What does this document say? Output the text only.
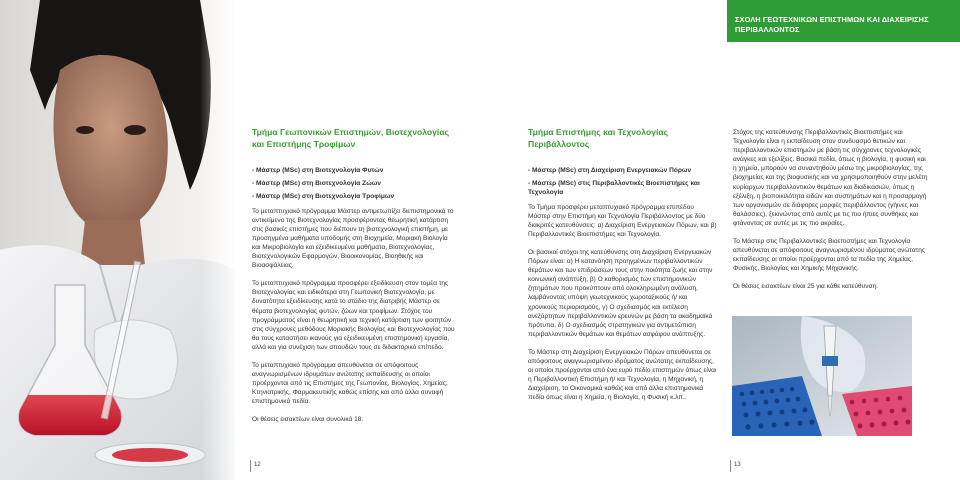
ΣΧΟΛΗ ΓΕΩΤΕΧΝΙΚΩΝ ΕΠΙΣΤΗΜΩΝ ΚΑΙ ΔΙΑΧΕΙΡΙΣΗΣ ΠΕΡΙΒΑΛΛΟΝΤΟΣ
Τμήμα Γεωπονικών Επιστημών, Βιοτεχνολογίας και Επιστήμης Τροφίμων
- Μάστερ (MSc) στη Βιοτεχνολογία Φυτών
- Μάστερ (MSc) στη Βιοτεχνολογία Ζώων
- Μάστερ (MSc) στη Βιοτεχνολογία Τροφίμων

Το μεταπτυχιακό πρόγραμμα Μάστερ αντιμετωπίζει διεπιστημονικά το αντικείμενο της Βιοτεχνολογίας προσφέροντας θεωρητική κατάρτιση στις βασικές επιστήμες που διέπουν τη βιοτεχνολογική επιστήμη, με προσηγμένα μαθήματα υποδομής στη Βιοχημεία, Μοριακή Βιολογία και Μικροβιολογία και εξειδικευμένα μαθήματα, Βιοτεχνολογίας, Βιοτεχνολογικών Εφαρμογών, Βιοοικονομίας, Βιοηθικής και Βιοασφάλειας.

Το μεταπτυχιακό πρόγραμμα προσφέρει εξειδίκευση στον τομέα της Βιοτεχνολογίας και ειδικότερα στη Γεωπονική Βιοτεχνολογία, με δυνατότητα εξειδίκευσης κατά το στάδιο της διατριβής Μάστερ σε θέματα βιοτεχνολογίας φυτών, ζώων και τροφίμων. Στόχος του προγράμματος είναι η θεωρητική και τεχνική κατάρτιση των φοιτητών στις σύγχρονες μεθόδους Μοριακής Βιολογίας και Βιοτεχνολογίας που θα τους καταστήσει ικανούς για εξειδικευμένη επιστημονική εργασία, αλλά και για συνέχιση των σπουδών τους σε διδακτορικό επίπεδο.

Το μεταπτυχιακό πρόγραμμα απευθύνεται σε απόφοιτους αναγνωρισμένων ιδρυμάτων ανώτατης εκπαίδευσης οι οποίοι προέρχονται από τις Επιστήμες της Γεωπονίας, Βιολογίας, Χημείας, Κτηνιατρικής, Φαρμακευτικής καθώς επίσης και από άλλα συναφή επιστημονικά πεδία.

Οι θέσεις εισακτέων είναι συνολικά 18.

Τμήμα Επιστήμης και Τεχνολογίας Περιβάλλοντος
- Μάστερ (MSc) στη Διαχείριση Ενεργειακών Πόρων
- Μάστερ (MSc) στις Περιβαλλοντικές Βιοεπιστήμες και Τεχνολογία

Το Τμήμα προσφέρει μεταπτυχιακό πρόγραμμα επιπέδου Μάστερ στην Επιστήμη και Τεχνολογία Περιβάλλοντος με δύο διακριτές κατευθύνσεις: α) Διαχείριση Ενεργειακών Πόρων, και β) Περιβαλλοντικές Βιοεπιστήμες και Τεχνολογία.

Οι βασικοί στόχοι της κατεύθυνσης στη Διαχείριση Ενεργειακών Πόρων είναι: α) Η κατανόηση προηγμένων περιβαλλοντικών θεμάτων και των επιδράσεων τους στην ποιότητα ζωής και στην κοινωνική ανάπτυξη, β) Ο καθορισμός των επιστημονικών ζητημάτων που προκύπτουν από ολοκληρωμένη ανάλυση, λαμβάνοντας υπόψη γεωτεχνικούς χωροταξικούς ή/ και χρονικούς περιορισμούς, γ) Ο σχεδιασμός και εκτέλεση ανεξάρτητων περιβαλλοντικών ερευνών με βάση τα ακαδημαϊκά πρότυπα, δ) Ο σχεδιασμός στρατηγικών για αντιμετώπιση περιβαλλοντικών θεμάτων και θεμάτων ασφάφου ανάπτυξης.

Το Μάστερ στη Διαχείριση Ενεργειακών Πόρων απευθύνεται σε απόφοιτους αναγνωρισμένου ιδρύματος ανώτατης εκπαίδευσης, οι οποίοι προέρχονται από ένα ευρύ πεδίο επιστημών όπως είναι η Περιβαλλοντική Επιστήμη ή/ και Τεχνολογία, η Μηχανική, η Διαχείριση, τα Οικονομικά καθώς και από άλλα επιστημονικά πεδία όπως είναι η Χημεία, η Βιολογία, η Φυσική κ.λπ..

Στόχος της κατεύθυνσης Περιβαλλοντικές Βιοεπιστήμες και Τεχνολογία είναι η εκπαίδευση στον συνδυασμό θετικών και περιβαλλοντικών επιστημών με βάση τις σύγχρονες τεχνολογικές ανάγκες και εξελίξεις. Βασικά πεδία, όπως η βιολογία, η φυσική και η χημεία, μπορούν να συναντηθούν μέσω της μικροβιολογίας, της βιοχημείας και της βιοφυσικής και να χρησιμοποιηθούν στην μελέτη κυρίαρχων περιβαλλοντικών θεμάτων και διαδικασιών, όπως η εξέλιξη, η βιοποικιλότητα ειδών και συστημάτων και η προσαρμογή των οργανισμών σε διάφορες μορφές περιβάλλοντος (γήινες και θαλάσσιες), ξεκινώντας από αυτές με τις πιο ήπιες συνθήκες και φτάνοντας σε αυτές με τις πιο ακραίες.

Το Μάστερ στις Περιβαλλοντικές Βιοεπιστήμες και Τεχνολογία απευθύνεται σε απόφοιτους αναγνωρισμένου ιδρύματος ανώτατης εκπαίδευσης οι οποίοι προέρχονται από τα πεδία της Χημείας, Φυσικής, Βιολογίας και Χημικής Μηχανικής.

Οι θέσεις εισακτέων είναι 25 για κάθε κατεύθυνση.

12	13
